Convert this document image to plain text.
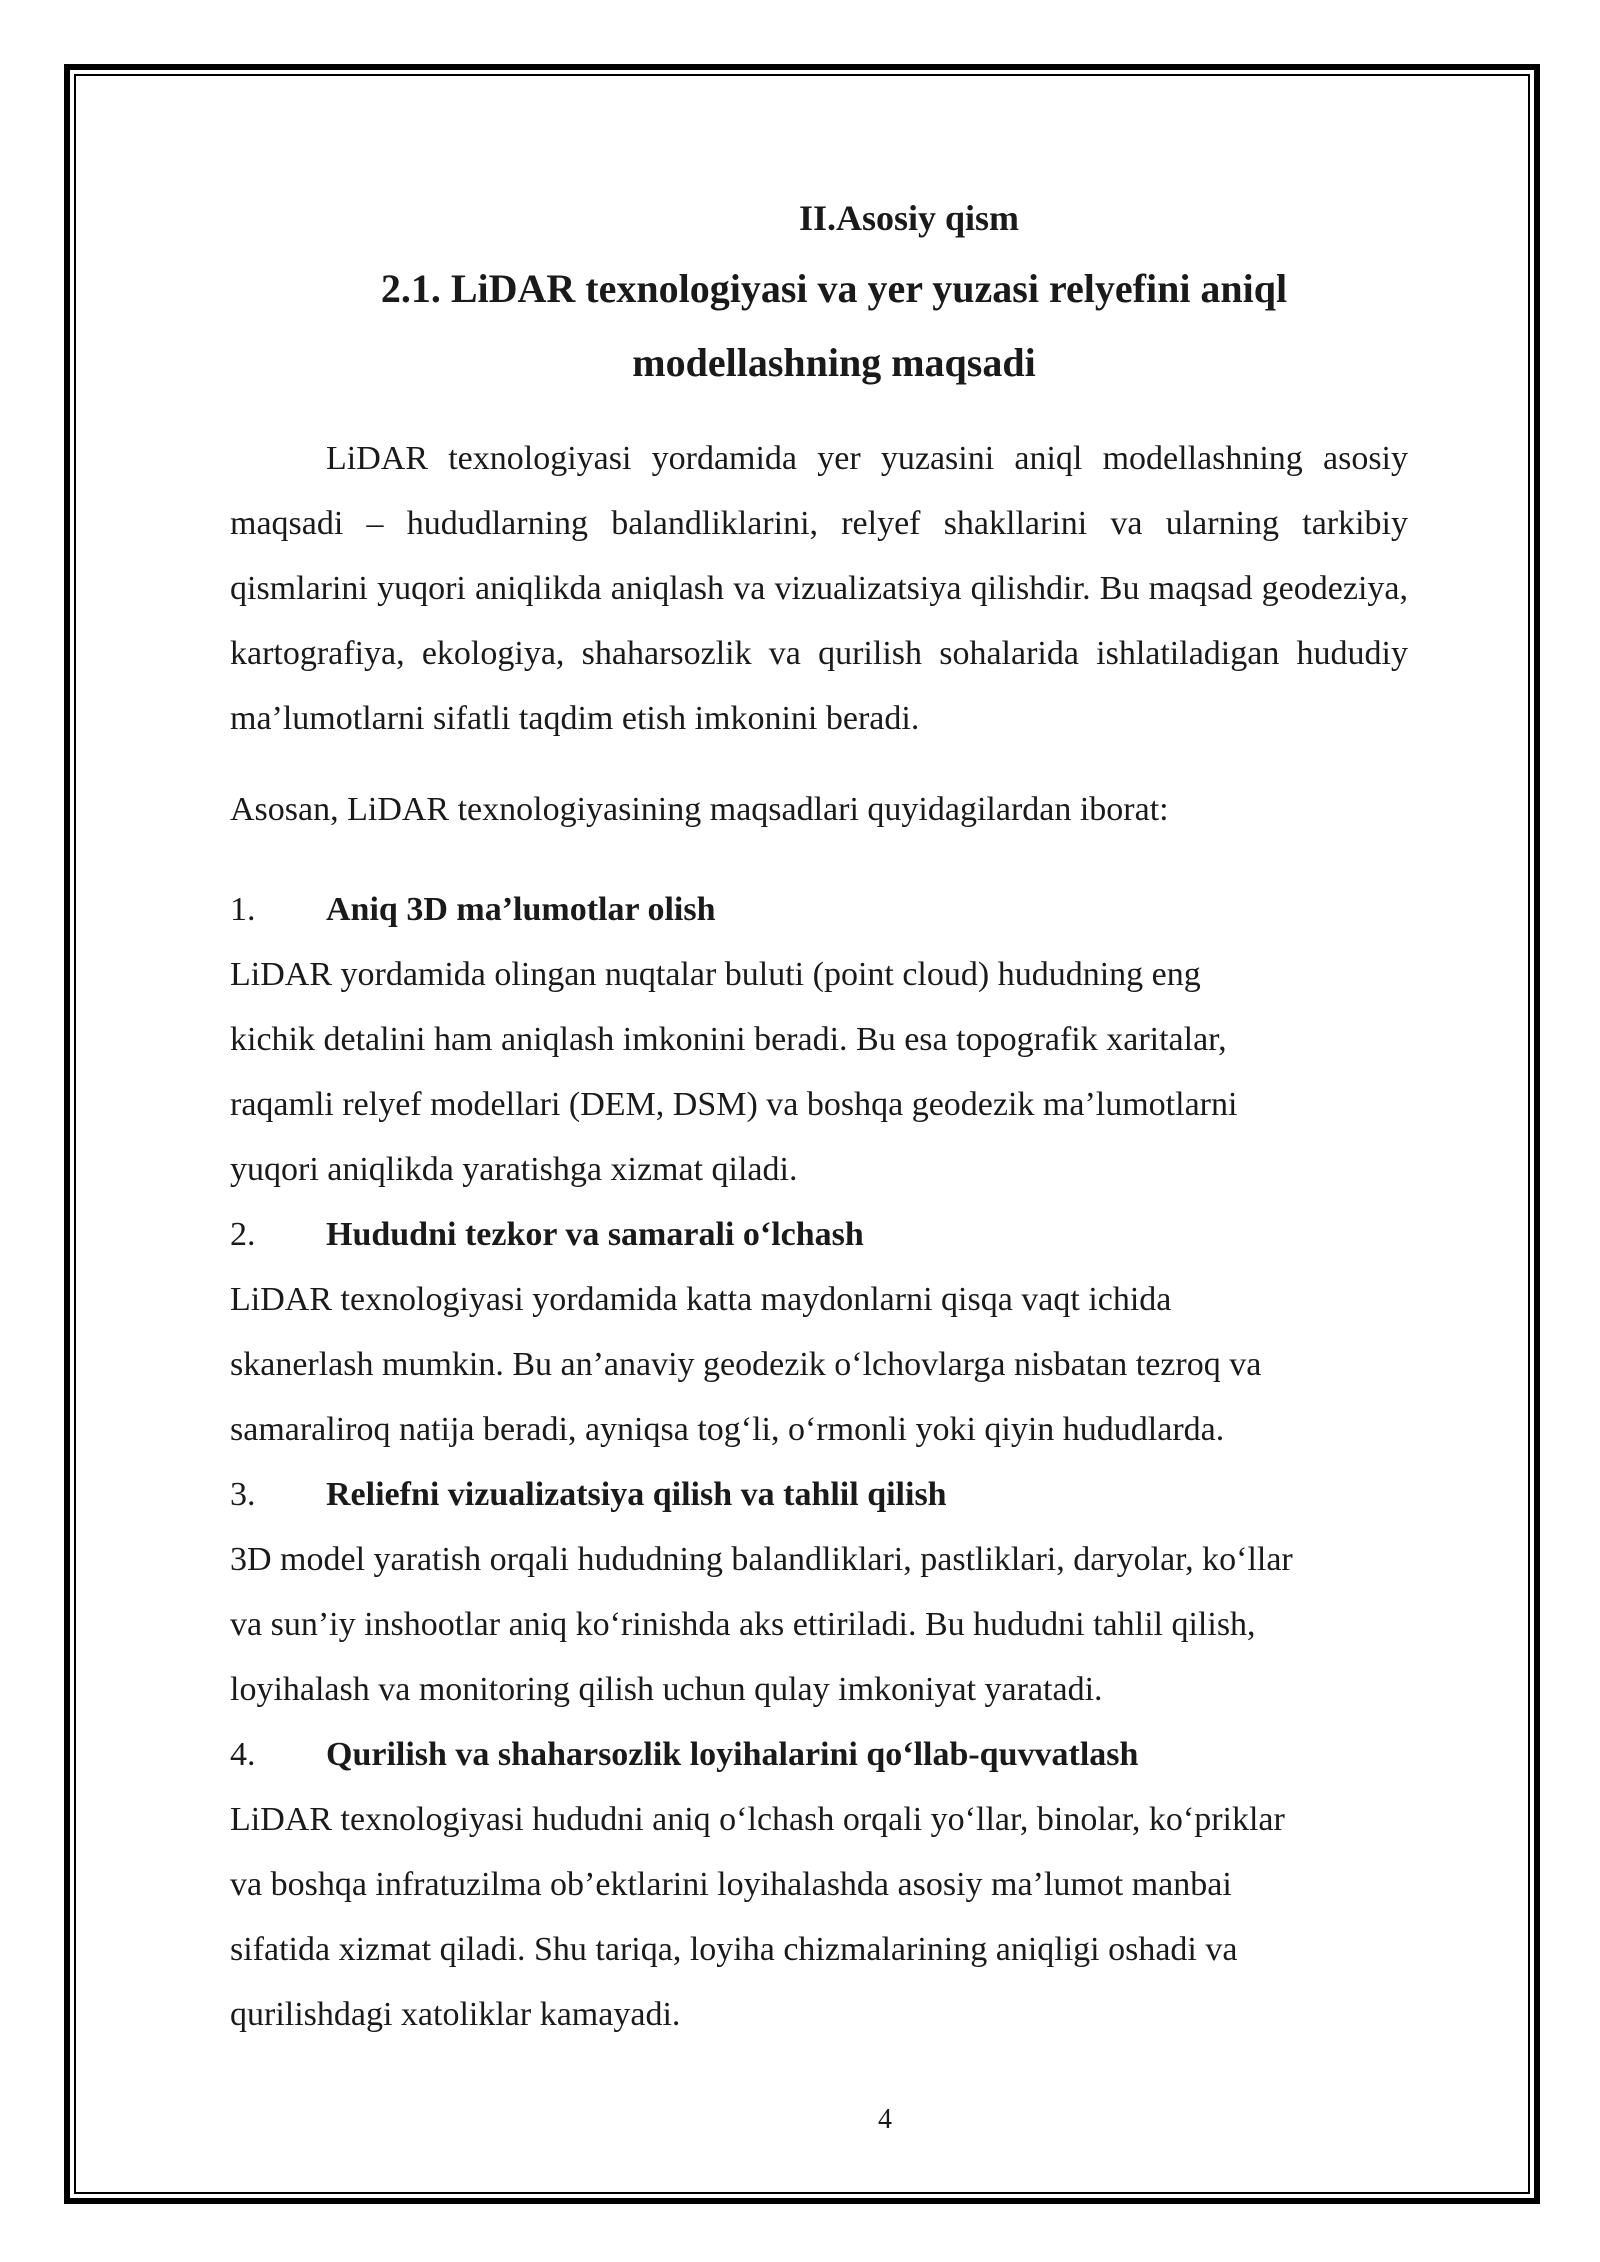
II.Asosiy qism
2.1. LiDAR texnologiyasi va yer yuzasi relyefini aniql
modellashning maqsadi

LiDAR texnologiyasi yordamida yer yuzasini aniql modellashning asosiy maqsadi – hududlarning balandliklarini, relyef shakllarini va ularning tarkibiy qismlarini yuqori aniqlikda aniqlash va vizualizatsiya qilishdir. Bu maqsad geodeziya, kartografiya, ekologiya, shaharsozlik va qurilish sohalarida ishlatiladigan hududiy ma’lumotlarni sifatli taqdim etish imkonini beradi.

Asosan, LiDAR texnologiyasining maqsadlari quyidagilardan iborat:

1.	Aniq 3D ma’lumotlar olish

LiDAR yordamida olingan nuqtalar buluti (point cloud) hududning eng
kichik detalini ham aniqlash imkonini beradi. Bu esa topografik xaritalar,
raqamli relyef modellari (DEM, DSM) va boshqa geodezik ma’lumotlarni
yuqori aniqlikda yaratishga xizmat qiladi.

2.	Hududni tezkor va samarali o‘lchash

LiDAR texnologiyasi yordamida katta maydonlarni qisqa vaqt ichida
skanerlash mumkin. Bu an’anaviy geodezik o‘lchovlarga nisbatan tezroq va
samaraliroq natija beradi, ayniqsa tog‘li, o‘rmonli yoki qiyin hududlarda.

3.	Reliefni vizualizatsiya qilish va tahlil qilish

3D model yaratish orqali hududning balandliklari, pastliklari, daryolar, ko‘llar
va sun’iy inshootlar aniq ko‘rinishda aks ettiriladi. Bu hududni tahlil qilish,
loyihalash va monitoring qilish uchun qulay imkoniyat yaratadi.

4.	Qurilish va shaharsozlik loyihalarini qo‘llab-quvvatlash

LiDAR texnologiyasi hududni aniq o‘lchash orqali yo‘llar, binolar, ko‘priklar
va boshqa infratuzilma ob’ektlarini loyihalashda asosiy ma’lumot manbai
sifatida xizmat qiladi. Shu tariqa, loyiha chizmalarining aniqligi oshadi va
qurilishdagi xatoliklar kamayadi.

4
